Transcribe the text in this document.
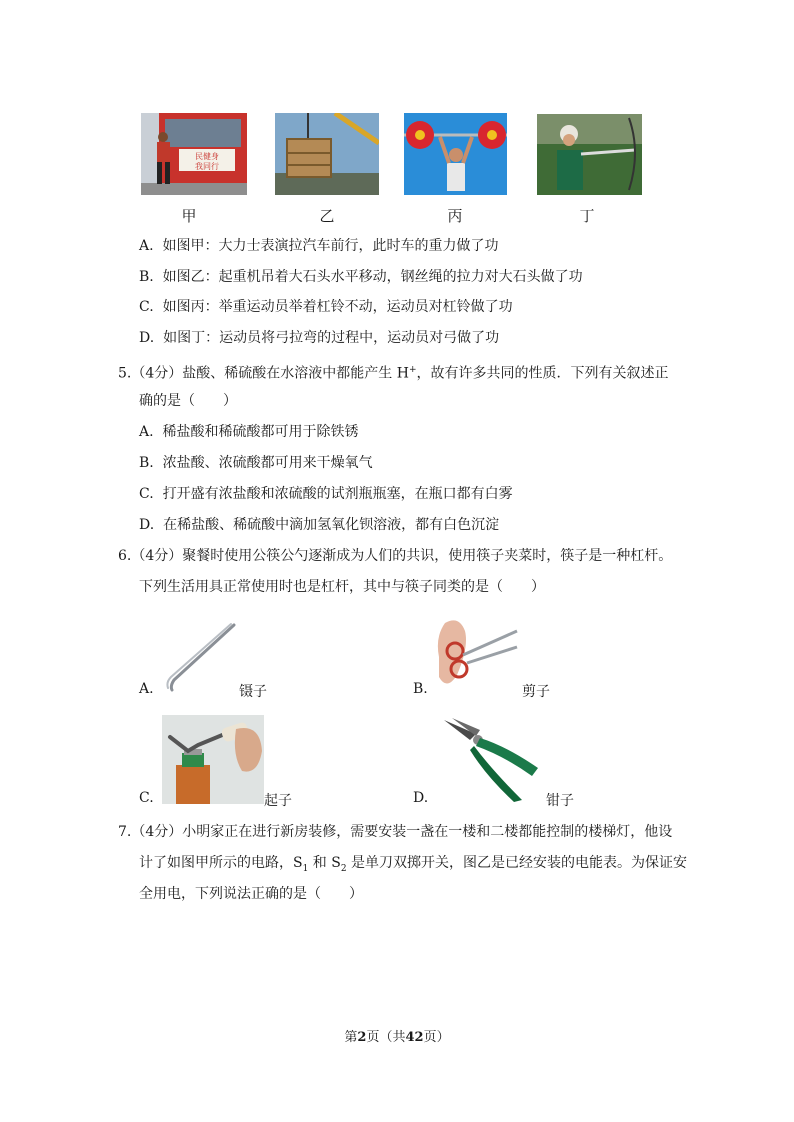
民健身
我同行
甲	乙	丙	丁
A. 如图甲：大力士表演拉汽车前行，此时车的重力做了功
B. 如图乙：起重机吊着大石头水平移动，钢丝绳的拉力对大石头做了功
C. 如图丙：举重运动员举着杠铃不动，运动员对杠铃做了功
D. 如图丁：运动员将弓拉弯的过程中，运动员对弓做了功
5.（4分）盐酸、稀硫酸在水溶液中都能产生 H+，故有许多共同的性质．下列有关叙述正
确的是（　　）
A. 稀盐酸和稀硫酸都可用于除铁锈
B. 浓盐酸、浓硫酸都可用来干燥氧气
C. 打开盛有浓盐酸和浓硫酸的试剂瓶瓶塞，在瓶口都有白雾
D. 在稀盐酸、稀硫酸中滴加氢氧化钡溶液，都有白色沉淀
6.（4分）聚餐时使用公筷公勺逐渐成为人们的共识，使用筷子夹菜时，筷子是一种杠杆。
下列生活用具正常使用时也是杠杆，其中与筷子同类的是（　　）
A.	镊子	B.	剪子
C.	起子	D.	钳子
7.（4分）小明家正在进行新房装修，需要安装一盏在一楼和二楼都能控制的楼梯灯，他设
计了如图甲所示的电路，$S_1$ 和 $S_2$ 是单刀双掷开关，图乙是已经安装的电能表。为保证安
全用电，下列说法正确的是（　　）
第2页（共42页）
